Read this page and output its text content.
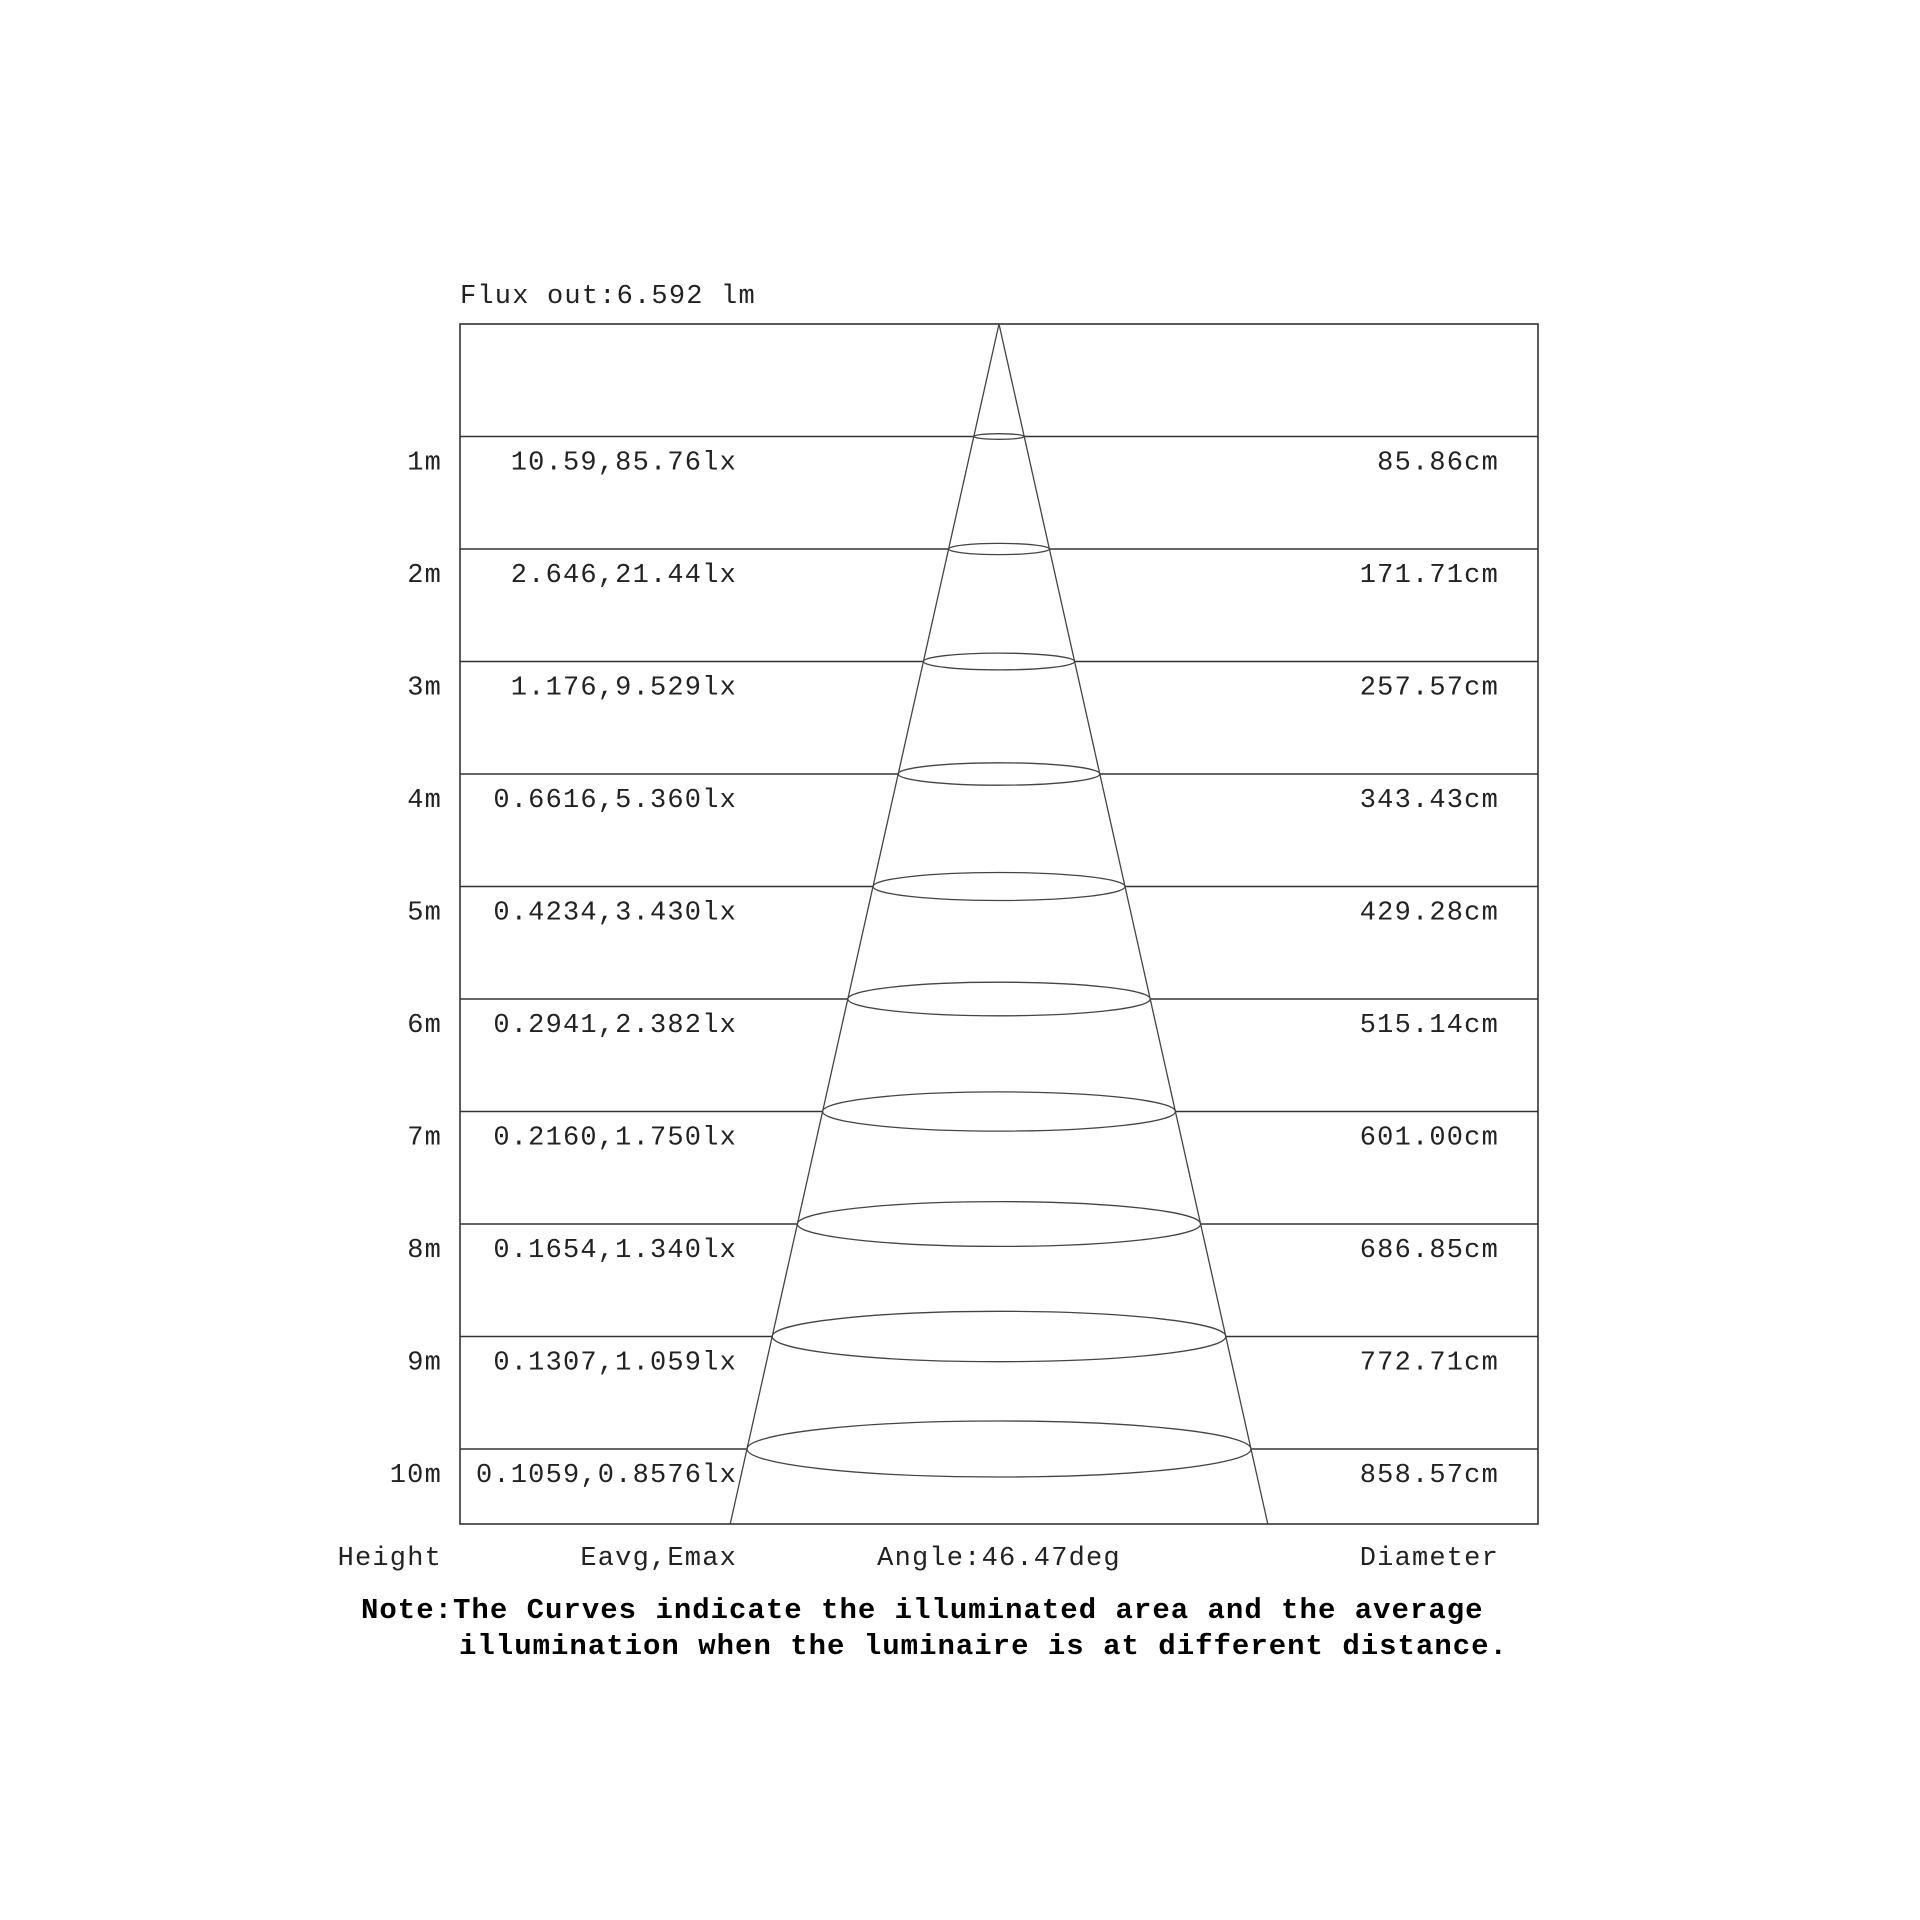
Flux out:6.592 lm
1m	10.59,85.76lx	85.86cm
2m	2.646,21.44lx	171.71cm
3m	1.176,9.529lx	257.57cm
4m 0.6616,5.360lx	343.43cm
5m 0.4234,3.430lx	429.28cm
6m 0.2941,2.382lx	515.14cm
7m 0.2160,1.750lx	601.00cm
8m 0.1654,1.340lx	686.85cm
9m 0.1307,1.059lx	772.71cm
10m 0.1059,0.8576lx	858.57cm
Height	Eavg,Emax	Angle:46.47deg	Diameter
Note:The Curves indicate the illuminated area and the average
illumination when the luminaire is at different distance.
